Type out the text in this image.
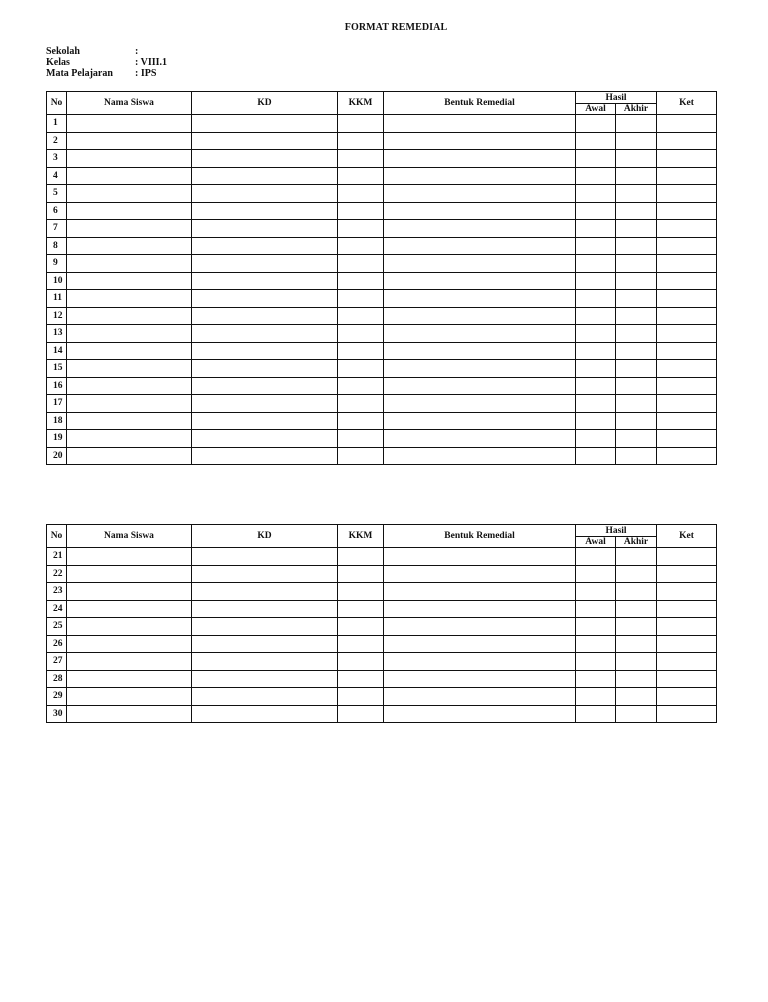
FORMAT REMEDIAL
Sekolah	:
Kelas	: VIII.1
Mata Pelajaran	: IPS
No	Nama Siswa	KD	KKM	Bentuk Remedial	Hasil		Ket
					Awal	Akhir	
1							
2							
3							
4							
5							
6							
7							
8							
9							
10							
11							
12							
13							
14							
15							
16							
17							
18							
19							
20							
No	Nama Siswa	KD	KKM	Bentuk Remedial	Hasil		Ket
					Awal	Akhir	
21							
22							
23							
24							
25							
26							
27							
28							
29							
30							
